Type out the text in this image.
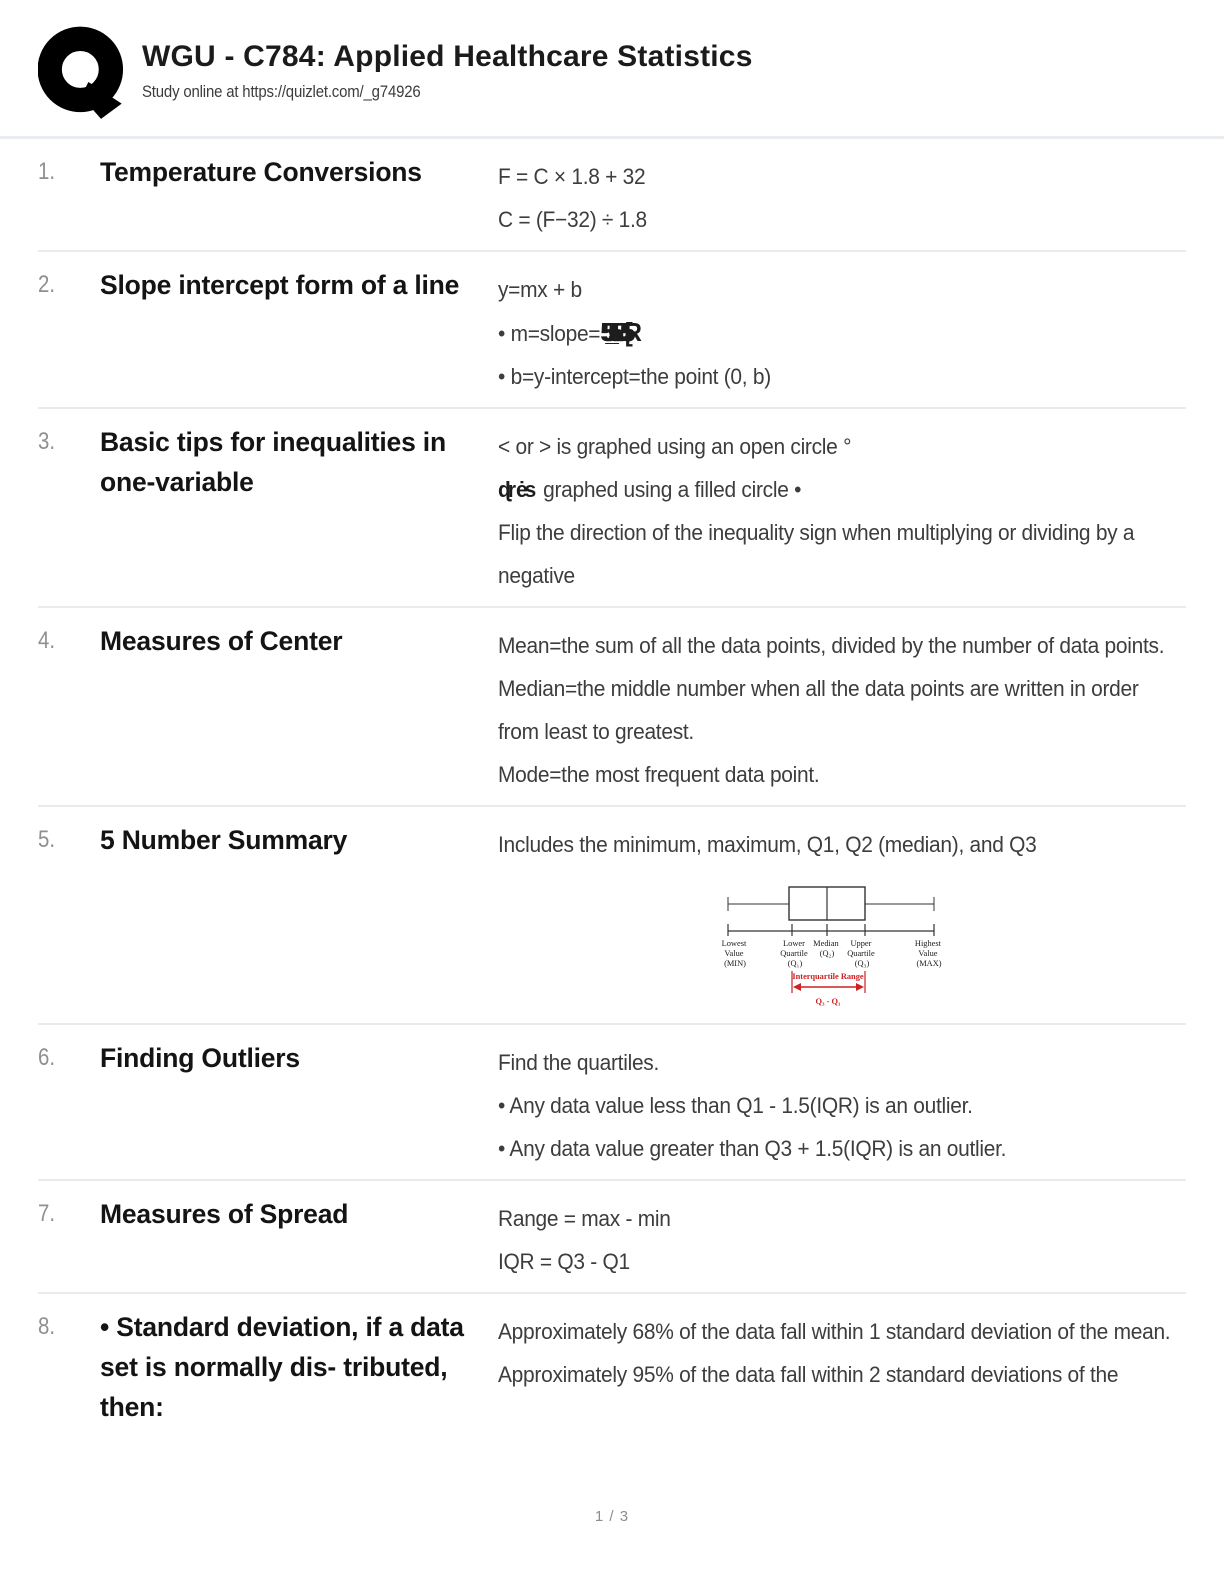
WGU - C784: Applied Healthcare Statistics
Study online at https://quizlet.com/_g74926
1.	Temperature Conversions	F = C × 1.8 + 32
C = (F−32) ÷ 1.8
2.	Slope intercept form of a line	y=mx + b
• m=slope=55_55U55[5R
• b=y-intercept=the point (0, b)
3.	Basic tips for inequalities in one-variable
< or > is graphed using an open circle °
ɖr ės graphed using a filled circle •
Flip the direction of the inequality sign when multiplying or dividing by a negative
4.	Measures of Center	Mean=the sum of all the data points, divided by the number of data points.
Median=the middle number when all the data points are written in order from least to greatest.
Mode=the most frequent data point.
5.	5 Number Summary	Includes the minimum, maximum, Q1, Q2 (median), and Q3
Lowest Value (MIN)
Lower Quartile (Q₁)
Median (Q₂)
Upper Quartile (Q₃)
Highest Value (MAX)
Interquartile Range
Q₃ - Q₁
6.	Finding Outliers	Find the quartiles.
• Any data value less than Q1 - 1.5(IQR) is an outlier.
• Any data value greater than Q3 + 1.5(IQR) is an outlier.
7.	Measures of Spread	Range = max - min
IQR = Q3 - Q1
8.	• Standard deviation, if a data set is normally dis- tributed, then:
Approximately 68% of the data fall within 1 standard deviation of the mean.
Approximately 95% of the data fall within 2 standard deviations of the
1 / 3
